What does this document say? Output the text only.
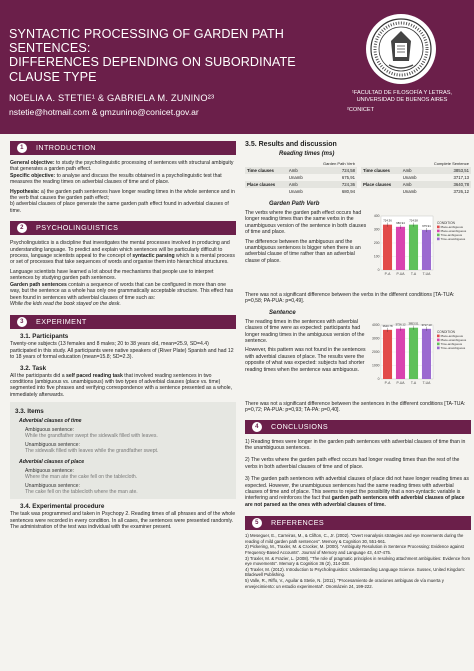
SYNTACTIC PROCESSING OF GARDEN PATH SENTENCES:
DIFFERENCES DEPENDING ON SUBORDINATE
CLAUSE TYPE
NOELIA A. STETIE¹ & GABRIELA M. ZUNINO²³
nstetie@hotmail.com & gmzunino@conicet.gov.ar
¹FACULTAD DE FILOSOFÍA Y LETRAS, UNIVERSIDAD DE BUENOS AIRES
²CONICET
1	INTRODUCTION
General objective: to study the psycholinguistic processing of sentences with structural ambiguity that generates a garden path effect.
Specific objective: to analyse and discuss the results obtained in a psycholinguistic test that measures the reading times on adverbial clauses of time and of place.
Hypothesis: a) the garden path sentences have longer reading times in the whole sentence and in the verb that causes the garden path effect;
b) adverbial clauses of place generate the same garden path effect found in adverbial clauses of time.
2	PSYCHOLINGUISTICS
Psycholinguistics is a discipline that investigates the mental processes involved in producing and understanding language. To predict and explain which sentences will be particularly difficult to process, language scientists appeal to the concept of syntactic parsing which is a mental process or set of processes that take sequences of words and organise them into hierarchical structures.
Language scientists have learned a lot about the mechanisms that people use to interpret sentences by studying garden path sentences.
Garden path sentences contain a sequence of words that can be configured in more than one way, but the sentence as a whole has only one grammatically acceptable structure. This effect has been found in sentences with adverbial clauses of time such as:
While the kids read the book stayed on the desk.
3	EXPERIMENT
3.1. Participants
Twenty-one subjects (13 females and 8 males; 20 to 38 years old, mean=25.9, SD=4.4) participated in this study. All participants were native speakers of (River Plate) Spanish and had 12 to 18 years of formal education (mean=15.8; SD=2.3).
3.2. Task
All the participants did a self paced reading task that involved reading sentences in two conditions (ambiguous vs. unambiguous) with two types of adverbial clauses (place vs. time) segmented into five phrases and verifying correspondence with a sentence presented as a whole, immediately afterwards.
3.3. Items
Adverbial clauses of time
Ambiguous sentence:
While the grandfather swept the sidewalk filled with leaves.
Unambiguous sentence:
The sidewalk filled with leaves while the grandfather swept.
Adverbial clauses of place
Ambiguous sentence:
Where the man ate the cake fell on the tablecloth.
Unambiguous sentence:
The cake fell on the tablecloth where the man ate.
3.4. Experimental procedure
The task was programmed and taken in Psychopy 2. Reading times of all phrases and of the whole sentences were recorded in every condition. In all cases, the sentences were presented randomly. The administration of the test was individual with the examiner present.
3.5. Results and discussion
Reading times (ms)
		Garden Path Verb
Time clauses	Amb	724,58
	Unamb	675,91
Place clauses	Amb	724,36
	Unamb	680,94
		Complete Sentence
Time clauses	Amb	3853,51
	Unamb	3717,13
Place clauses	Amb	3640,78
	Unamb	3726,12
Garden Path Verb
The verbs where the garden path effect occurs had longer reading times than the same verbs in the unambiguous version of the sentence in both clauses of time and place.
The difference between the ambiguous and the unambiguous sentences is bigger when there is an adverbial clause of time rather than an adverbial clause of place.
0
100
200
300
400
724.36
P-A
680.94
P-UA
724.58
T-A
675.91
T-UA
CONDITION
Place-ambiguous
Place-unambiguous
Time-ambiguous
Time-unambiguous
There was not a significant difference between the verbs in the different conditions [TA-TUA: p=0,58; PA-PUA: p=0,49].
Sentence
The reading times in the sentences with adverbial clauses of time were as expected: participants had longer reading times in the ambiguous version of the sentence.
However, this pattern was not found in the sentences with adverbial clauses of place. The results were the opposite of what was expected: subjects had shorter reading times when the sentence was ambiguous.
0
1000
2000
3000
4000 3640.78
P-A
3726.12
P-UA
3853.51
T-A
3717.13
T-UA
CONDITION
Place-ambiguous
Place-unambiguous
Time-ambiguous
Time-unambiguous
There was not a significant difference between the sentences in the different conditions [TA-TUA: p=0,72; PA-PUA: p=0,93; TA-PA: p=0,40].
4	CONCLUSIONS
1) Reading times were longer in the garden path sentences with adverbial clauses of time than in the unambiguous sentences.
2) The verbs where the garden path effect occurs had longer reading times than the rest of the verbs in both adverbial clauses of time and of place.
3) The garden path sentences with adverbial clauses of place did not have longer reading times as expected. However, the unambiguous sentences had the same reading times with adverbial clauses of time and of place. This seems to reject the possibility that a non-syntactic variable is interfering and reinforces the fact that garden path sentences with adverbial clauses of place are not parsed as the ones with adverbial clauses of time.
5	REFERENCES
1) Meseguer, E., Carreiras, M., & Clifton, C., Jr. (2002). "Overt reanalysis strategies and eye movements during the reading of mild garden path sentences". Memory & Cognition 30, 551-561.
2) Pickering, M., Traxler, M. & Crocker, M. (2000). "Ambiguity Resolution in Sentence Processing: Evidence against Frequency-Based Accounts". Journal of Memory and Language 43, 447-475.
3) Traxler, M. & Frazier, L. (2008). "The role of pragmatic principles in resolving attachment ambiguities: Evidence from eye movements". Memory & Cognition 36 (2), 314-328.
4) Traxler, M. (2012). Introduction to Psycholinguistics: Understanding Language Science. Sussex, United Kingdom: Blackwell Publishing.
5) Valle, R., Riffo, V., Aguilar & Stetie, N. (2011). "Procesamiento de oraciones ambiguas de vía muerta y envejecimiento: un estudio experimental". Onomázein 24, 199-222.
